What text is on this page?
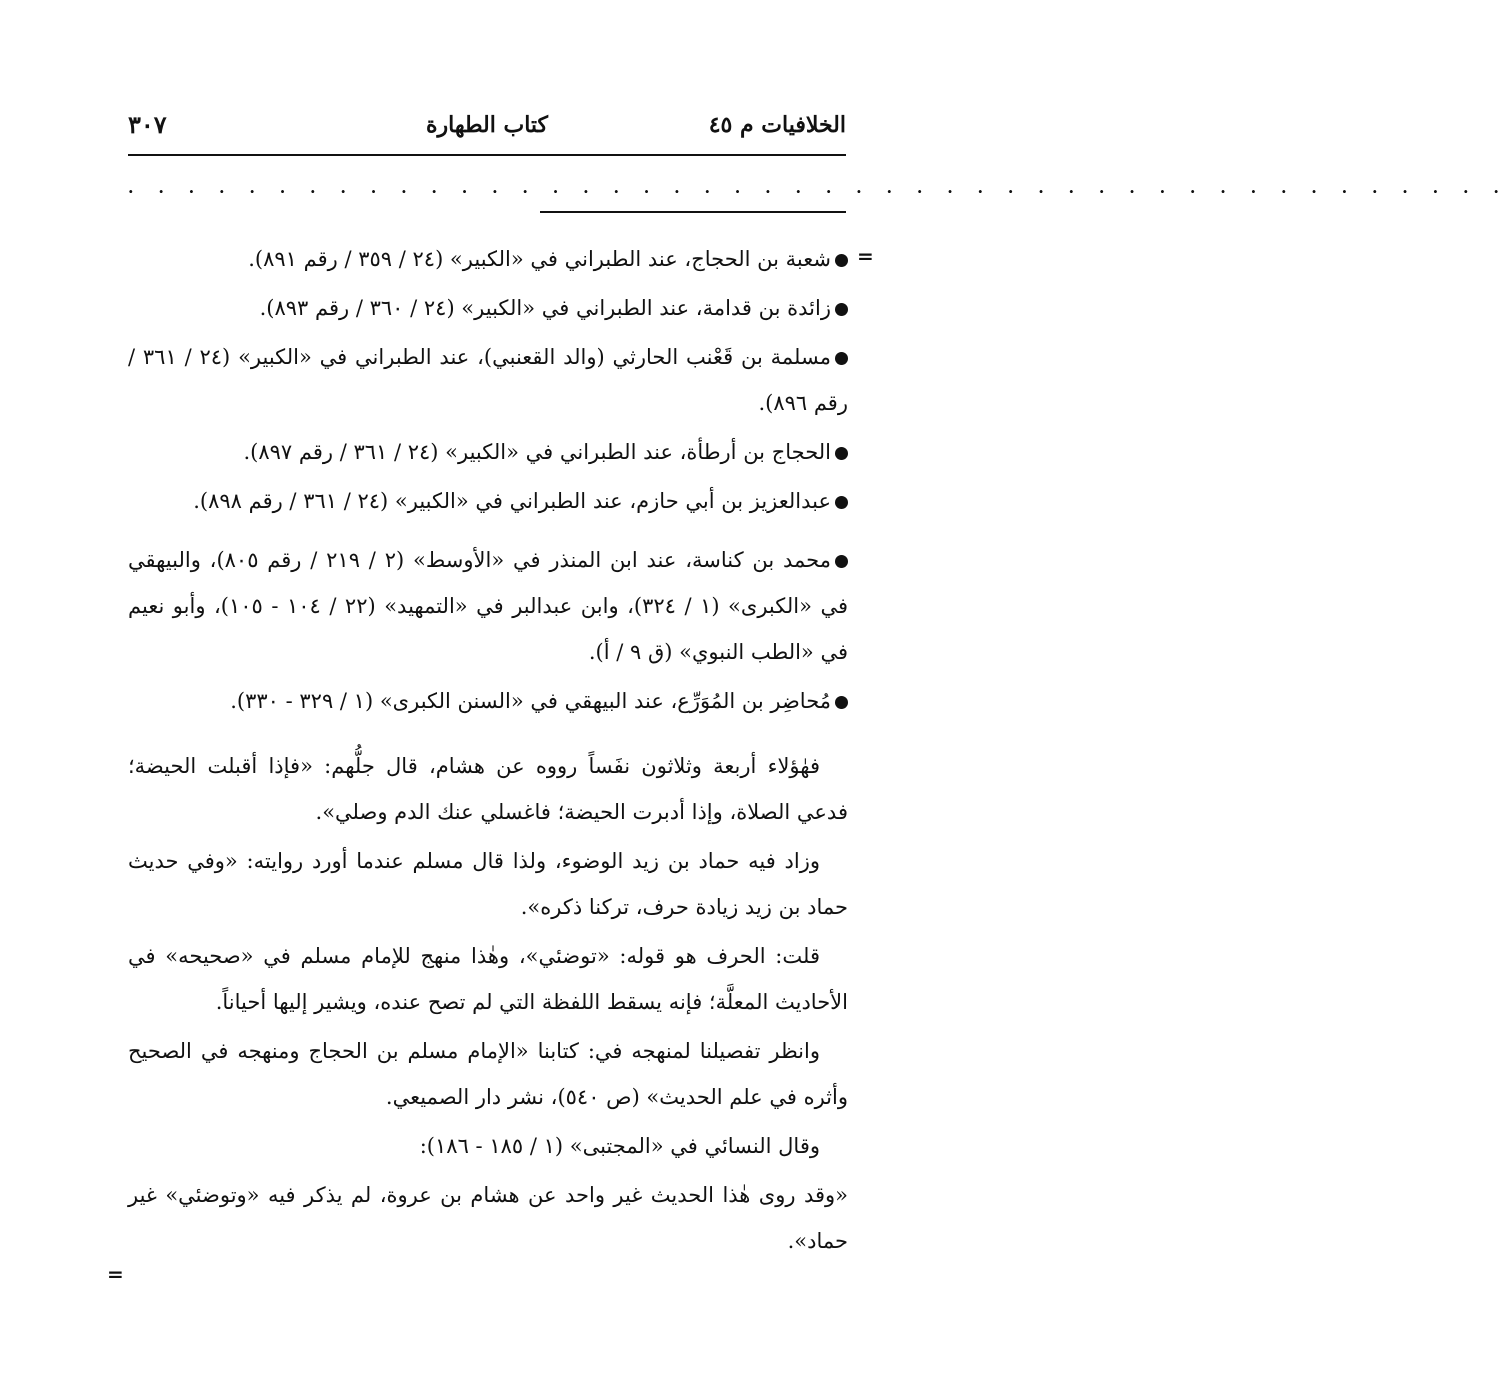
الخلافيات م ٤٥
كتاب الطهارة
٣٠٧
. . . . . . . . . . . . . . . . . . . . . . . . . . . . . . . . . . . . . . . . . . . . . .
=
=

شعبة بن الحجاج، عند الطبراني في «الكبير» (٢٤ / ٣٥٩ / رقم ٨٩١).

زائدة بن قدامة، عند الطبراني في «الكبير» (٢٤ / ٣٦٠ / رقم ٨٩٣).

مسلمة بن قَعْنب الحارثي (والد القعنبي)، عند الطبراني في «الكبير» (٢٤ / ٣٦١ / رقم ٨٩٦).

الحجاج بن أرطأة، عند الطبراني في «الكبير» (٢٤ / ٣٦١ / رقم ٨٩٧).

عبدالعزيز بن أبي حازم، عند الطبراني في «الكبير» (٢٤ / ٣٦١ / رقم ٨٩٨).

محمد بن كناسة، عند ابن المنذر في «الأوسط» (٢ / ٢١٩ / رقم ٨٠٥)، والبيهقي في «الكبرى» (١ / ٣٢٤)، وابن عبدالبر في «التمهيد» (٢٢ / ١٠٤ - ١٠٥)، وأبو نعيم في «الطب النبوي» (ق ٩ / أ).

مُحاضِر بن المُوَرِّع، عند البيهقي في «السنن الكبرى» (١ / ٣٢٩ - ٣٣٠).

فهٰؤلاء أربعة وثلاثون نفَساً رووه عن هشام، قال جلُّهم: «فإذا أقبلت الحيضة؛ فدعي الصلاة، وإذا أدبرت الحيضة؛ فاغسلي عنك الدم وصلي».

وزاد فيه حماد بن زيد الوضوء، ولذا قال مسلم عندما أورد روايته: «وفي حديث حماد بن زيد زيادة حرف، تركنا ذكره».

قلت: الحرف هو قوله: «توضئي»، وهٰذا منهج للإمام مسلم في «صحيحه» في الأحاديث المعلَّة؛ فإنه يسقط اللفظة التي لم تصح عنده، ويشير إليها أحياناً.

وانظر تفصيلنا لمنهجه في: كتابنا «الإمام مسلم بن الحجاج ومنهجه في الصحيح وأثره في علم الحديث» (ص ٥٤٠)، نشر دار الصميعي.

وقال النسائي في «المجتبى» (١ / ١٨٥ - ١٨٦):

«وقد روى هٰذا الحديث غير واحد عن هشام بن عروة، لم يذكر فيه «وتوضئي» غير حماد».
